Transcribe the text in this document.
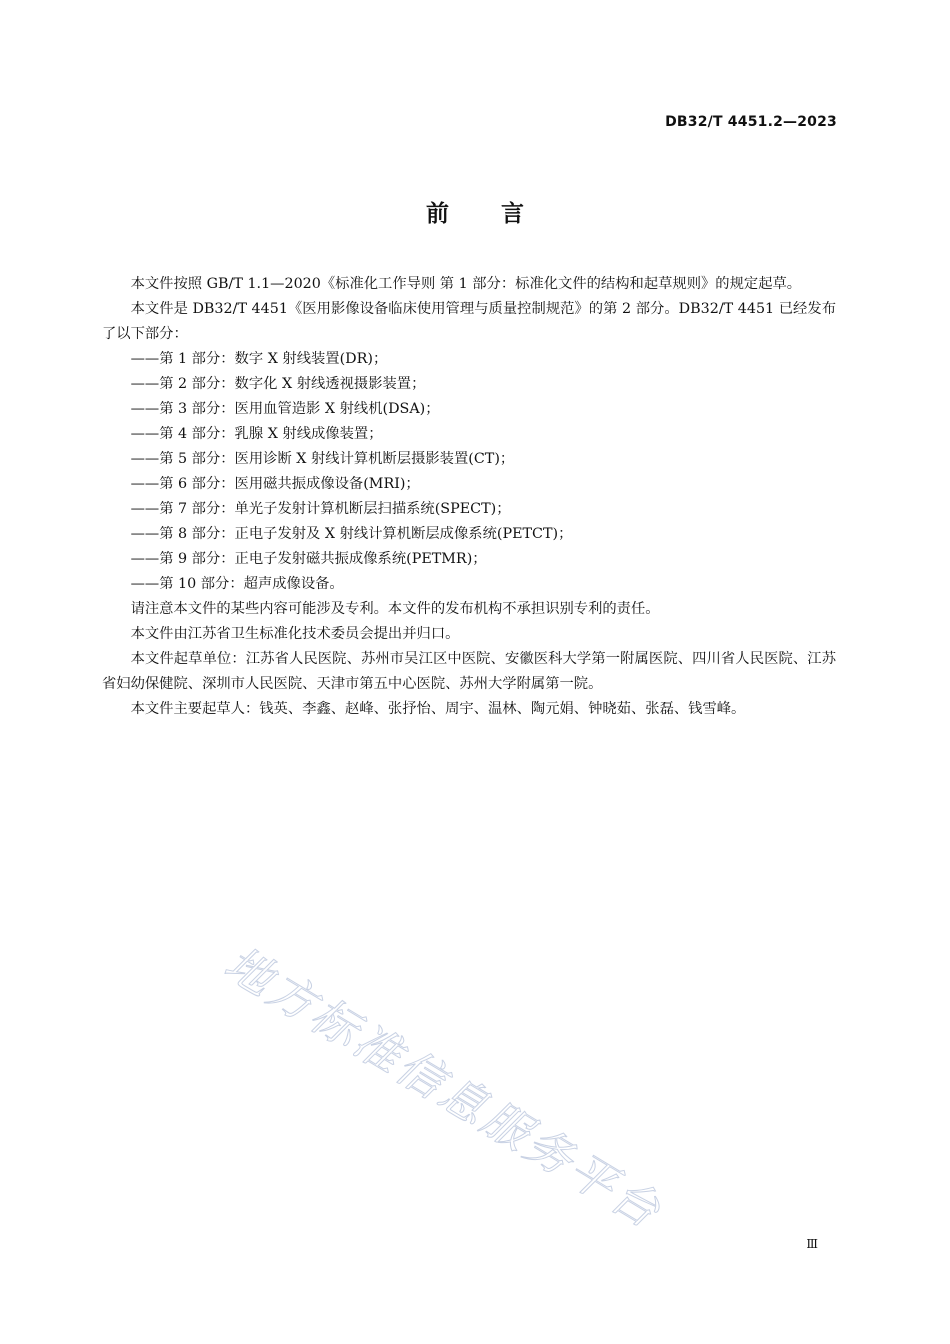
DB32/T 4451.2—2023
前言

本文件按照 GB/T 1.1—2020《标准化工作导则 第 1 部分：标准化文件的结构和起草规则》的规定起草。

本文件是 DB32/T 4451《医用影像设备临床使用管理与质量控制规范》的第 2 部分。DB32/T 4451 已经发布了以下部分：

——第 1 部分：数字 X 射线装置(DR)；
——第 2 部分：数字化 X 射线透视摄影装置；
——第 3 部分：医用血管造影 X 射线机(DSA)；
——第 4 部分：乳腺 X 射线成像装置；
——第 5 部分：医用诊断 X 射线计算机断层摄影装置(CT)；
——第 6 部分：医用磁共振成像设备(MRI)；
——第 7 部分：单光子发射计算机断层扫描系统(SPECT)；
——第 8 部分：正电子发射及 X 射线计算机断层成像系统(PETCT)；
——第 9 部分：正电子发射磁共振成像系统(PETMR)；
——第 10 部分：超声成像设备。

请注意本文件的某些内容可能涉及专利。本文件的发布机构不承担识别专利的责任。

本文件由江苏省卫生标准化技术委员会提出并归口。

本文件起草单位：江苏省人民医院、苏州市吴江区中医院、安徽医科大学第一附属医院、四川省人民医院、江苏省妇幼保健院、深圳市人民医院、天津市第五中心医院、苏州大学附属第一院。

本文件主要起草人：钱英、李鑫、赵峰、张抒怡、周宇、温林、陶元娟、钟晓茹、张磊、钱雪峰。

地方标准信息服务平台
Ⅲ
